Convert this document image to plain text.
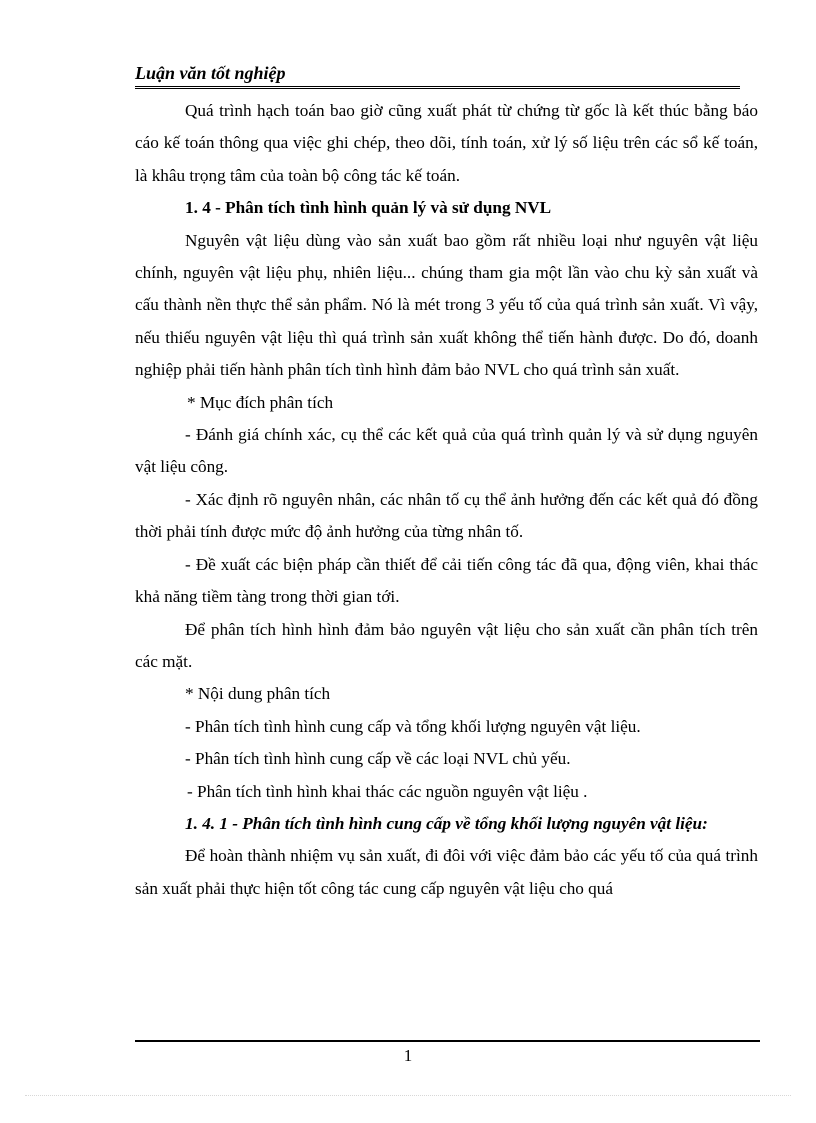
Luận văn tốt nghiệp

Quá trình hạch toán bao giờ cũng xuất phát từ chứng từ gốc là kết thúc bằng báo cáo kế toán thông qua việc ghi chép, theo dõi, tính toán, xử lý số liệu trên các sổ kế toán, là khâu trọng tâm của toàn bộ công tác kế toán.

1. 4 - Phân tích tình hình quản lý và sử dụng NVL

Nguyên vật liệu dùng vào sản xuất bao gồm rất nhiều loại như nguyên vật liệu chính, nguyên vật liệu phụ, nhiên liệu... chúng tham gia một lần vào chu kỳ sản xuất và cấu thành nền thực thể sản phẩm. Nó là mét trong 3 yếu tố của quá trình sản xuất. Vì vậy, nếu thiếu nguyên vật liệu thì quá trình sản xuất không thể tiến hành được. Do đó, doanh nghiệp phải tiến hành phân tích tình hình đảm bảo NVL cho quá trình sản xuất.

* Mục đích phân tích

- Đánh giá chính xác, cụ thể các kết quả của quá trình quản lý và sử dụng nguyên vật liệu công.

- Xác định rõ nguyên nhân, các nhân tố cụ thể ảnh hưởng đến các kết quả đó đồng thời phải tính được mức độ ảnh hưởng của từng nhân tố.

- Đề xuất các biện pháp cần thiết để cải tiến công tác đã qua, động viên, khai thác khả năng tiềm tàng trong thời gian tới.

Để phân tích hình hình đảm bảo nguyên vật liệu cho sản xuất cần phân tích trên các mặt.

* Nội dung phân tích

- Phân tích tình hình cung cấp và tổng khối lượng nguyên vật liệu.

- Phân tích tình hình cung cấp về các loại NVL chủ yếu.

- Phân tích tình hình khai thác các nguồn nguyên vật liệu .

1. 4. 1 - Phân tích tình hình cung cấp về tổng khối lượng nguyên vật liệu:

Để hoàn thành nhiệm vụ sản xuất, đi đôi với việc đảm bảo các yếu tố của quá trình sản xuất phải thực hiện tốt công tác cung cấp nguyên vật liệu cho quá

1
